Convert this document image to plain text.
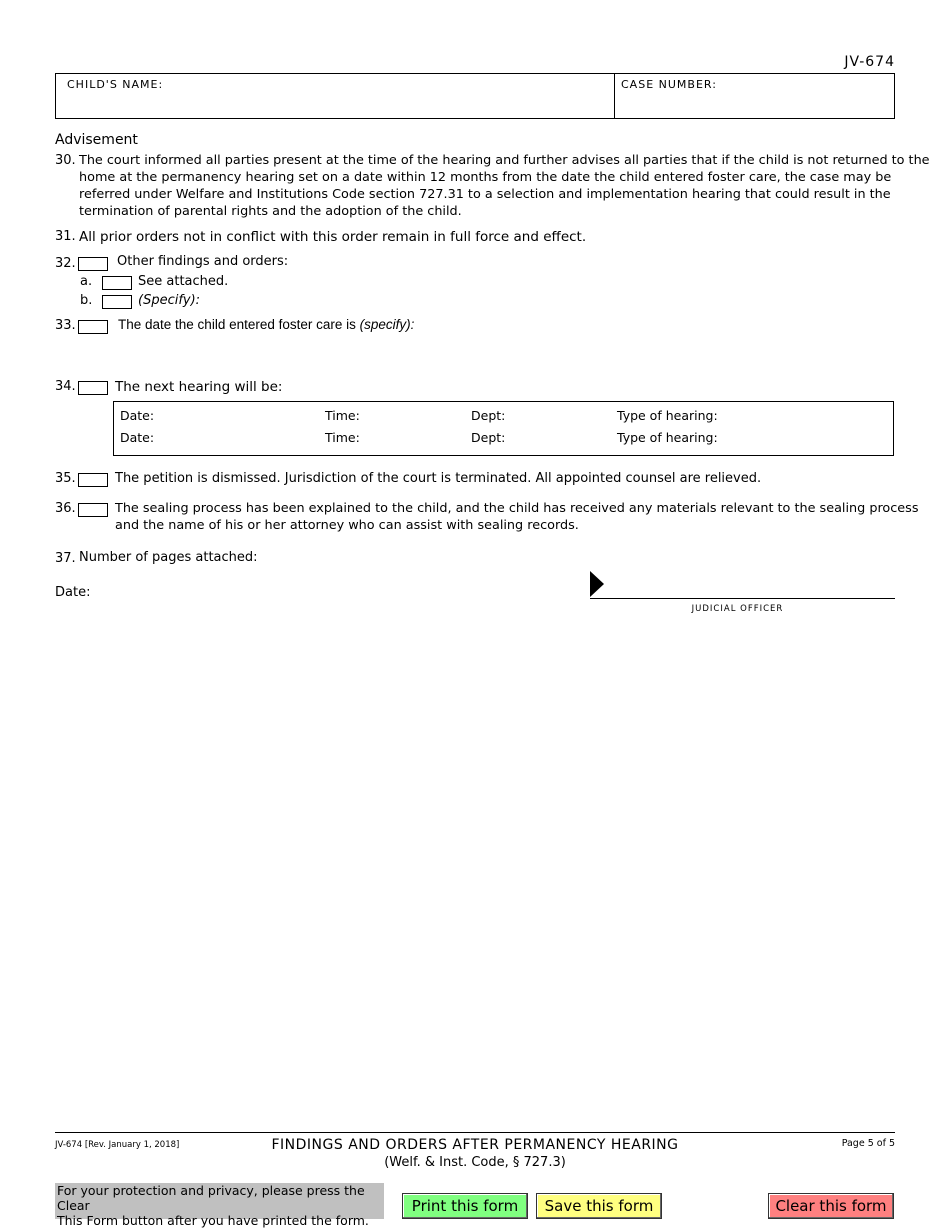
JV-674
CHILD'S NAME:	CASE NUMBER:
Advisement
30. The court informed all parties present at the time of the hearing and further advises all parties that if the child is not returned to the
home at the permanency hearing set on a date within 12 months from the date the child entered foster care, the case may be
referred under Welfare and Institutions Code section 727.31 to a selection and implementation hearing that could result in the
termination of parental rights and the adoption of the child.
31. All prior orders not in conflict with this order remain in full force and effect.
32.	Other findings and orders:
a.	See attached.
b.	(Specify):
33.	The date the child entered foster care is (specify):
34.	The next hearing will be:
Date:	Time:	Dept:	Type of hearing:
Date:	Time:	Dept:	Type of hearing:
35.	The petition is dismissed. Jurisdiction of the court is terminated. All appointed counsel are relieved.
36.	The sealing process has been explained to the child, and the child has received any materials relevant to the sealing process
and the name of his or her attorney who can assist with sealing records.
37. Number of pages attached:
Date:
JUDICIAL OFFICER
JV-674 [Rev. January 1, 2018]	FINDINGS AND ORDERS AFTER PERMANENCY HEARING
(Welf. & Inst. Code, § 727.3)
Page 5 of 5
For your protection and privacy, please press the Clear
This Form button after you have printed the form.
Print this form	Save this form	Clear this form
